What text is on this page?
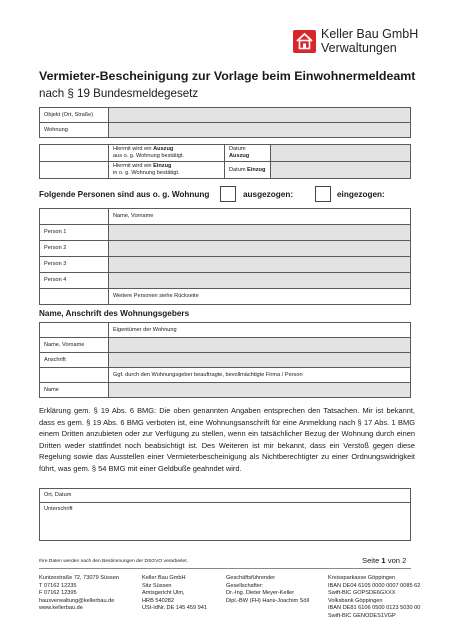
Keller Bau GmbH
Verwaltungen
Vermieter-Bescheinigung zur Vorlage beim Einwohnermeldeamt
nach § 19 Bundesmeldegesetz
Objekt (Ort, Straße)	
Wohnung	
	Hiermit wird ein Auszug
aus o. g. Wohnung bestätigt.	Datum Auszug	
	Hiermit wird ein Einzug
in o. g. Wohnung bestätigt.	Datum Einzug	
Folgende Personen sind aus o. g. Wohnung	ausgezogen:	eingezogen:
	Name, Vorname
Person 1	
Person 2	
Person 3	
Person 4	
	Weitere Personen siehe Rückseite
Name, Anschrift des Wohnungsgebers
	Eigentümer der Wohnung
Name, Vorname	
Anschrift	
	Ggf. durch den Wohnungsgeber beauftragte, bevollmächtigte Firma / Person
Name	
Erklärung gem. § 19 Abs. 6 BMG: Die oben genannten Angaben entsprechen den Tatsachen. Mir ist bekannt, dass es gem. § 19 Abs. 6 BMG verboten ist, eine Wohnungsanschrift für eine Anmeldung nach § 17 Abs. 1 BMG einem Dritten anzubieten oder zur Verfügung zu stellen, wenn ein tatsächlicher Bezug der Wohnung durch einen Dritten weder stattfindet noch beabsichtigt ist. Des Weiteren ist mir bekannt, dass ein Verstoß gegen diese Regelung sowie das Ausstellen einer Vermieterbescheinigung als Nichtberechtigter zu einer Ordnungswidrigkeit führt, was gem. § 54 BMG mit einer Geldbuße geahndet wird.
Ort, Datum
Unterschrift
Ihre Daten werden nach den Bestimmungen der DSGVO verarbeitet.	Seite 1 von 2
Kuntzestraße 72, 73079 Süssen
T 07162 12235
F 07162 12395
hausverwaltung@kellerbau.de
www.kellerbau.de
Keller Bau GmbH
Sitz Süssen
Amtsgericht Ulm,
HRB 540282
USt-IdNr. DE 145 459 941
Geschäftsführender
Gesellschafter:
Dr.-Ing. Dieter Meyer-Keller
Dipl.-BW (FH) Hans-Joachim Söll
Kreissparkasse Göppingen
IBAN DE04 6105 0000 0007 0085 62
Swift-BIC GOPSDE6GXXX
Volksbank Göppingen
IBAN DE81 6106 0500 0123 5030 00
Swift-BIC GENODES1VGP
